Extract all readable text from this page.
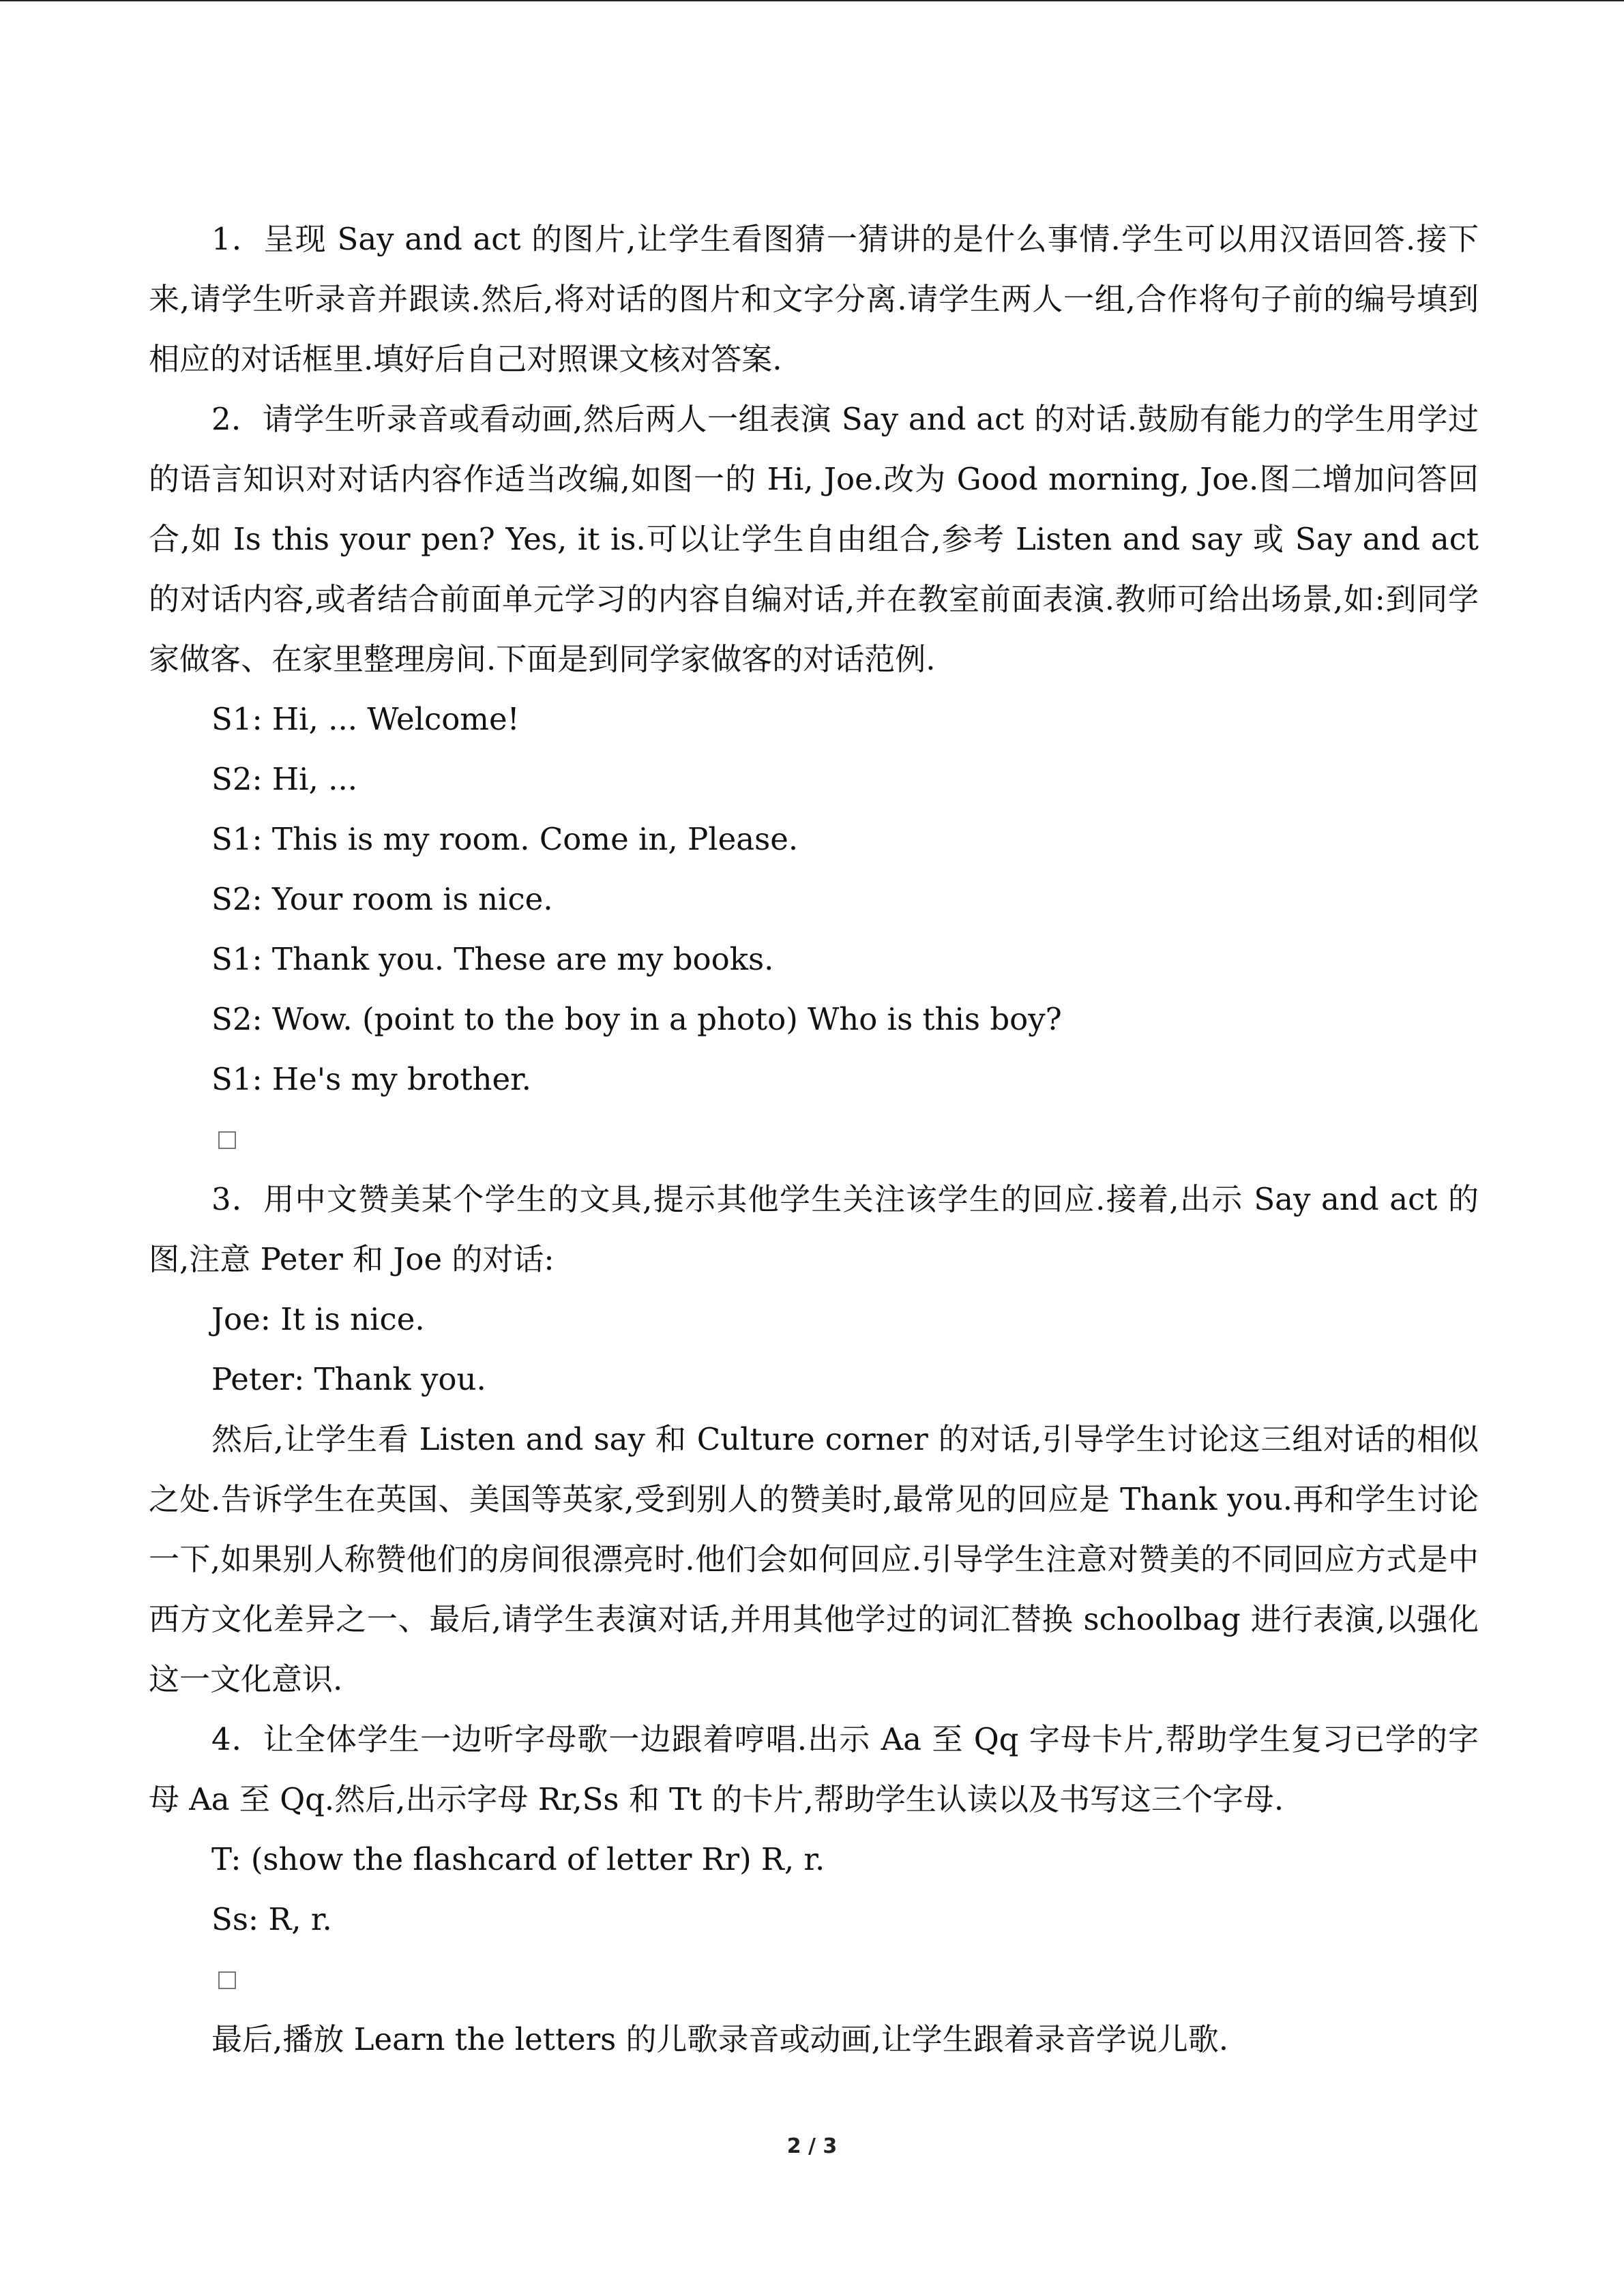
1．呈现 Say and act 的图片,让学生看图猜一猜讲的是什么事情.学生可以用汉语回答.接下来,请学生听录音并跟读.然后,将对话的图片和文字分离.请学生两人一组,合作将句子前的编号填到相应的对话框里.填好后自己对照课文核对答案.

2．请学生听录音或看动画,然后两人一组表演 Say and act 的对话.鼓励有能力的学生用学过的语言知识对对话内容作适当改编,如图一的 Hi, Joe.改为 Good morning, Joe.图二增加问答回合,如 Is this your pen? Yes, it is.可以让学生自由组合,参考 Listen and say 或 Say and act 的对话内容,或者结合前面单元学习的内容自编对话,并在教室前面表演.教师可给出场景,如:到同学家做客、在家里整理房间.下面是到同学家做客的对话范例.

S1: Hi, ... Welcome!

S2: Hi, ...

S1: This is my room. Come in, Please.

S2: Your room is nice.

S1: Thank you. These are my books.

S2: Wow. (point to the boy in a photo) Who is this boy?

S1: He's my brother.

3．用中文赞美某个学生的文具,提示其他学生关注该学生的回应.接着,出示 Say and act 的图,注意 Peter 和 Joe 的对话:

Joe: It is nice.

Peter: Thank you.

然后,让学生看 Listen and say 和 Culture corner 的对话,引导学生讨论这三组对话的相似之处.告诉学生在英国、美国等英家,受到别人的赞美时,最常见的回应是 Thank you.再和学生讨论一下,如果别人称赞他们的房间很漂亮时.他们会如何回应.引导学生注意对赞美的不同回应方式是中西方文化差异之一、最后,请学生表演对话,并用其他学过的词汇替换 schoolbag 进行表演,以强化这一文化意识.

4．让全体学生一边听字母歌一边跟着哼唱.出示 Aa 至 Qq 字母卡片,帮助学生复习已学的字母 Aa 至 Qq.然后,出示字母 Rr,Ss 和 Tt 的卡片,帮助学生认读以及书写这三个字母.

T: (show the flashcard of letter Rr) R, r.

Ss: R, r.

最后,播放 Learn the letters 的儿歌录音或动画,让学生跟着录音学说儿歌.

2 / 3
